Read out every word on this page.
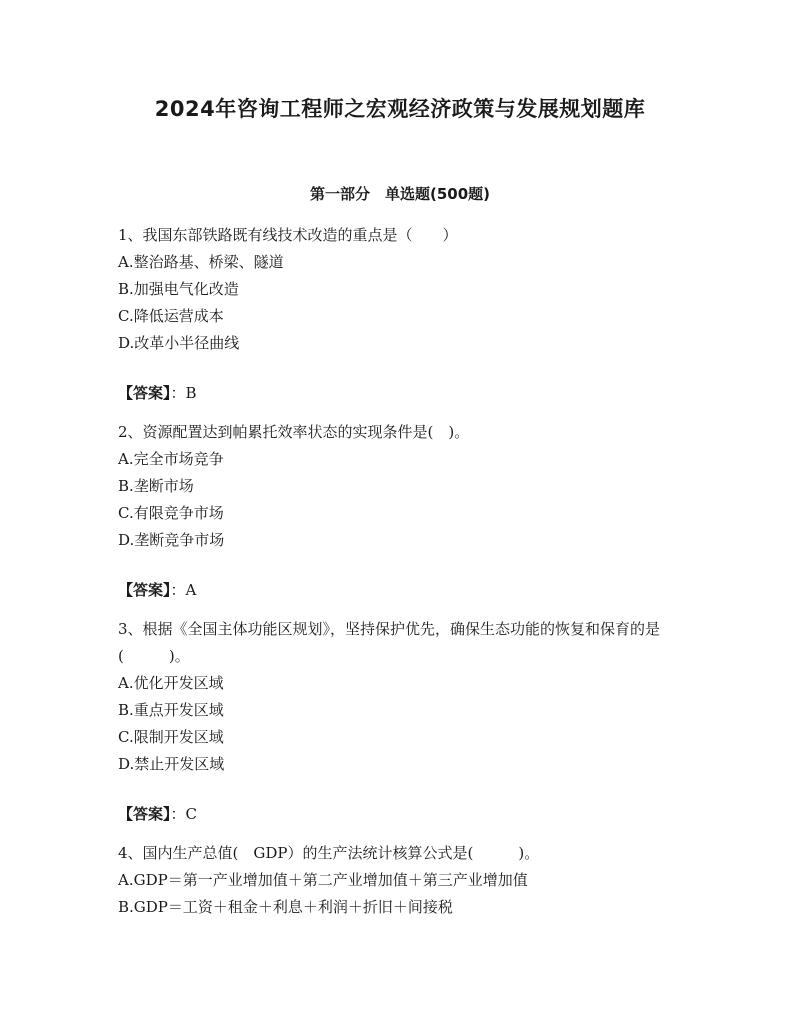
2024年咨询工程师之宏观经济政策与发展规划题库
第一部分　单选题(500题)

1、我国东部铁路既有线技术改造的重点是（　　）

A.整治路基、桥梁、隧道

B.加强电气化改造

C.降低运营成本

D.改革小半径曲线

【答案】：B

2、资源配置达到帕累托效率状态的实现条件是(　)。

A.完全市场竞争

B.垄断市场

C.有限竞争市场

D.垄断竞争市场

【答案】：A

3、根据《全国主体功能区规划》，坚持保护优先，确保生态功能的恢复和保育的是(　　　)。

A.优化开发区域

B.重点开发区域

C.限制开发区域

D.禁止开发区域

【答案】：C

4、国内生产总值(　GDP）的生产法统计核算公式是(　　　)。

A.GDP＝第一产业增加值＋第二产业增加值＋第三产业增加值

B.GDP＝工资＋租金＋利息＋利润＋折旧＋间接税
